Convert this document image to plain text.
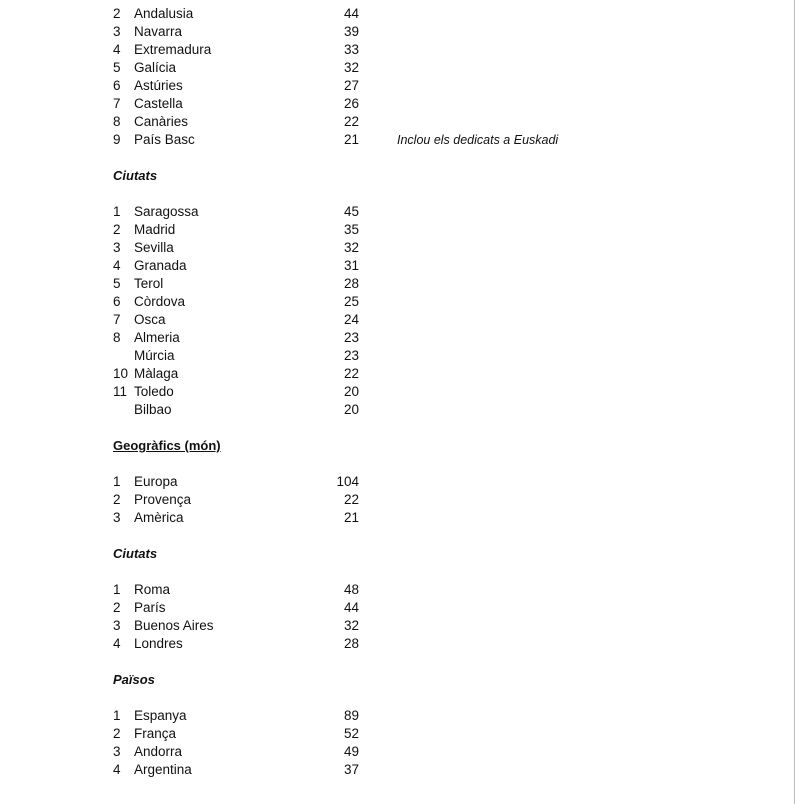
2 Andalusia	44
3 Navarra	39
4 Extremadura	33
5 Galícia	32
6 Astúries	27
7 Castella	26
8 Canàries	22
9 País Basc	21	Inclou els dedicats a Euskadi
Ciutats
1 Saragossa	45
2 Madrid	35
3 Sevilla	32
4 Granada	31
5 Terol	28
6 Còrdova	25
7 Osca	24
8 Almeria	23
Múrcia	23
10 Màlaga	22
11 Toledo	20
Bilbao	20
Geogràfics (món)
1 Europa	104
2 Provença	22
3 Amèrica	21
Ciutats
1 Roma	48
2 París	44
3 Buenos Aires	32
4 Londres	28
Països
1 Espanya	89
2 França	52
3 Andorra	49
4 Argentina	37
